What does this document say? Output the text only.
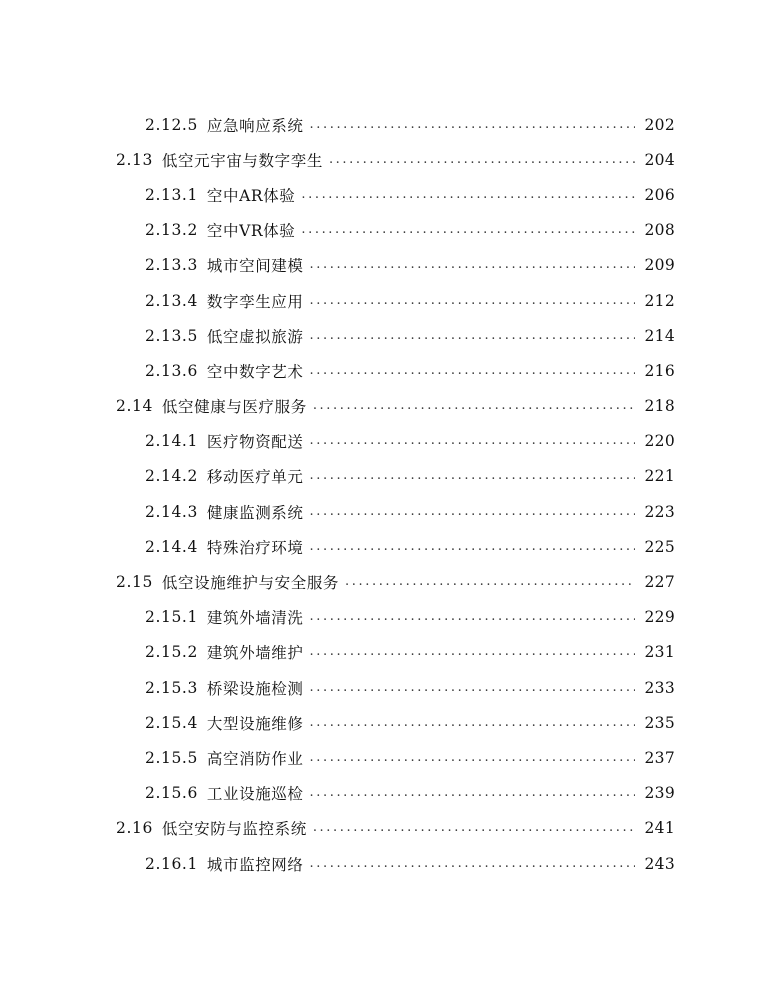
2.12.5 应急响应系统 .....	202
2.13 低空元宇宙与数字孪生 .....	204
2.13.1 空中AR体验 .....	206
2.13.2 空中VR体验 .....	208
2.13.3 城市空间建模 .....	209
2.13.4 数字孪生应用 .....	212
2.13.5 低空虚拟旅游 .....	214
2.13.6 空中数字艺术 .....	216
2.14 低空健康与医疗服务 .....	218
2.14.1 医疗物资配送 .....	220
2.14.2 移动医疗单元 .....	221
2.14.3 健康监测系统 .....	223
2.14.4 特殊治疗环境 .....	225
2.15 低空设施维护与安全服务 .....	227
2.15.1 建筑外墙清洗 .....	229
2.15.2 建筑外墙维护 .....	231
2.15.3 桥梁设施检测 .....	233
2.15.4 大型设施维修 .....	235
2.15.5 高空消防作业 .....	237
2.15.6 工业设施巡检 .....	239
2.16 低空安防与监控系统 .....	241
2.16.1 城市监控网络 .....	243
